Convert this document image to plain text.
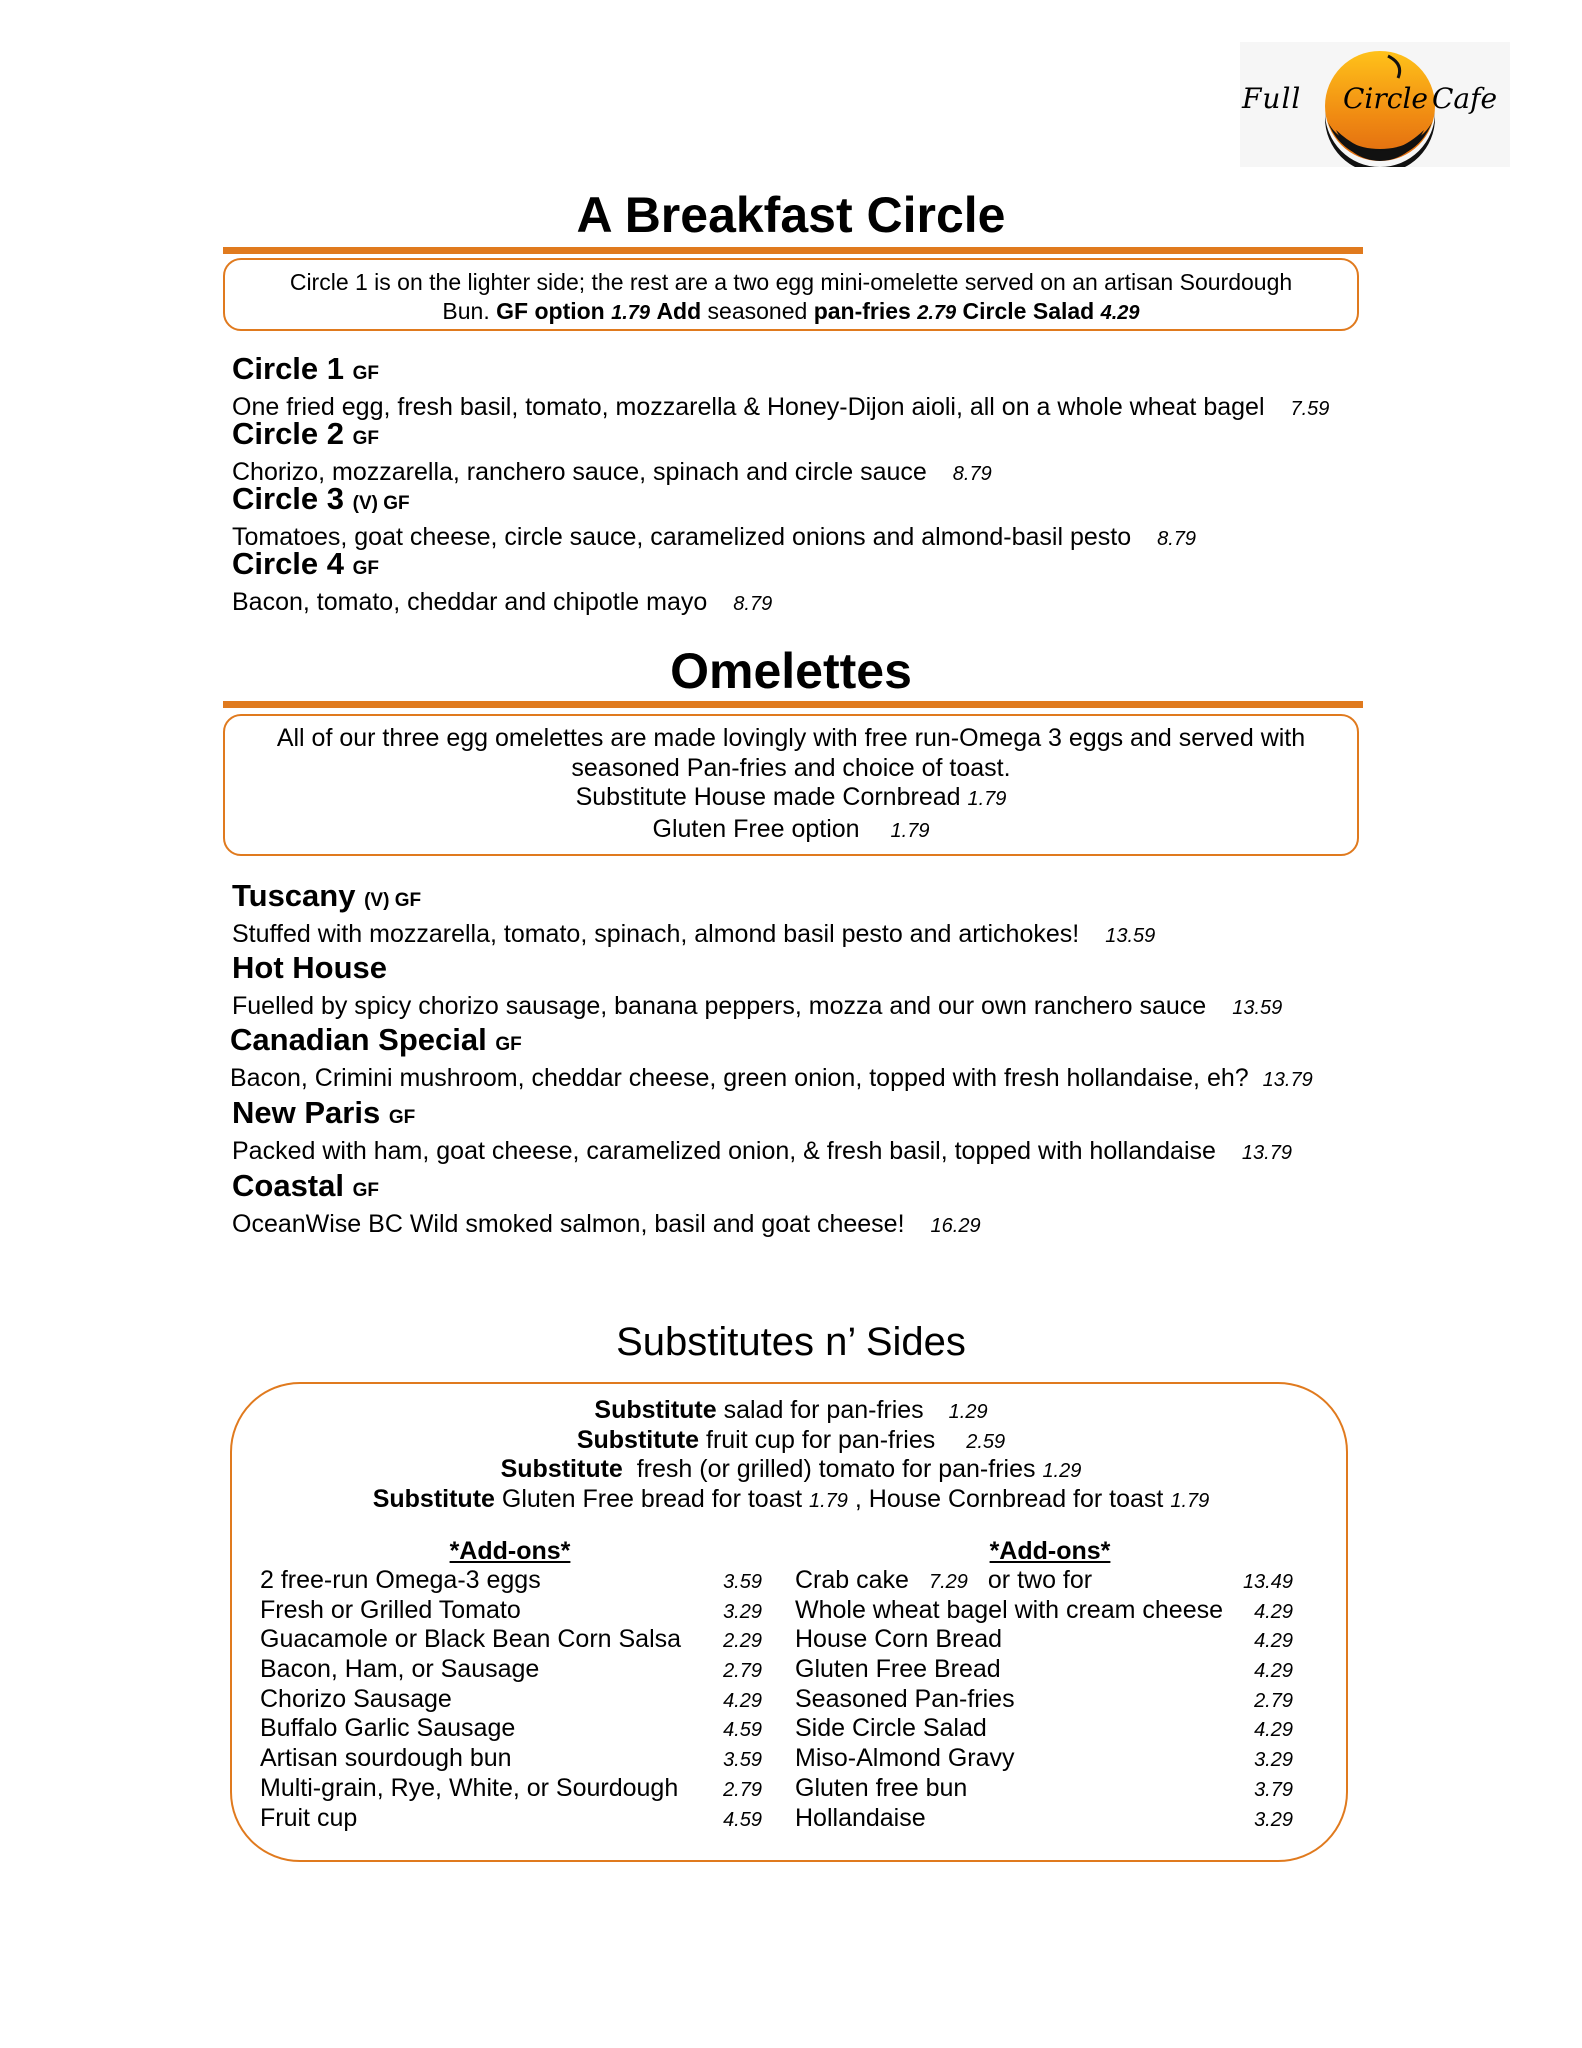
Full Circle Cafe
A Breakfast Circle
Circle 1 is on the lighter side; the rest are a two egg mini-omelette served on an artisan Sourdough
Bun. GF option 1.79 Add seasoned pan-fries 2.79 Circle Salad 4.29
Circle 1 GF
One fried egg, fresh basil, tomato, mozzarella & Honey-Dijon aioli, all on a whole wheat bagel 7.59
Circle 2 GF
Chorizo, mozzarella, ranchero sauce, spinach and circle sauce 8.79
Circle 3 (V) GF
Tomatoes, goat cheese, circle sauce, caramelized onions and almond-basil pesto 8.79
Circle 4 GF
Bacon, tomato, cheddar and chipotle mayo 8.79
Omelettes
All of our three egg omelettes are made lovingly with free run-Omega 3 eggs and served with
seasoned Pan-fries and choice of toast.
Substitute House made Cornbread 1.79
Gluten Free option 1.79
Tuscany (V) GF
Stuffed with mozzarella, tomato, spinach, almond basil pesto and artichokes! 13.59
Hot House
Fuelled by spicy chorizo sausage, banana peppers, mozza and our own ranchero sauce 13.59
Canadian Special GF
Bacon, Crimini mushroom, cheddar cheese, green onion, topped with fresh hollandaise, eh? 13.79
New Paris GF
Packed with ham, goat cheese, caramelized onion, & fresh basil, topped with hollandaise 13.79
Coastal GF
OceanWise BC Wild smoked salmon, basil and goat cheese! 16.29
Substitutes n’ Sides
Substitute salad for pan-fries 1.29
Substitute fruit cup for pan-fries 2.59
Substitute  fresh (or grilled) tomato for pan-fries 1.29
Substitute Gluten Free bread for toast 1.79 , House Cornbread for toast 1.79
*Add-ons*	*Add-ons*
2 free-run Omega-3 eggs	3.59
Fresh or Grilled Tomato	3.29
Guacamole or Black Bean Corn Salsa 2.29
Bacon, Ham, or Sausage	2.79
Chorizo Sausage	4.29
Buffalo Garlic Sausage	4.59
Artisan sourdough bun	3.59
Multi-grain, Rye, White, or Sourdough 2.79
Fruit cup	4.59
Crab cake 7.29 or two for	13.49
Whole wheat bagel with cream cheese 4.29
House Corn Bread	4.29
Gluten Free Bread	4.29
Seasoned Pan-fries	2.79
Side Circle Salad	4.29
Miso-Almond Gravy	3.29
Gluten free bun	3.79
Hollandaise	3.29
